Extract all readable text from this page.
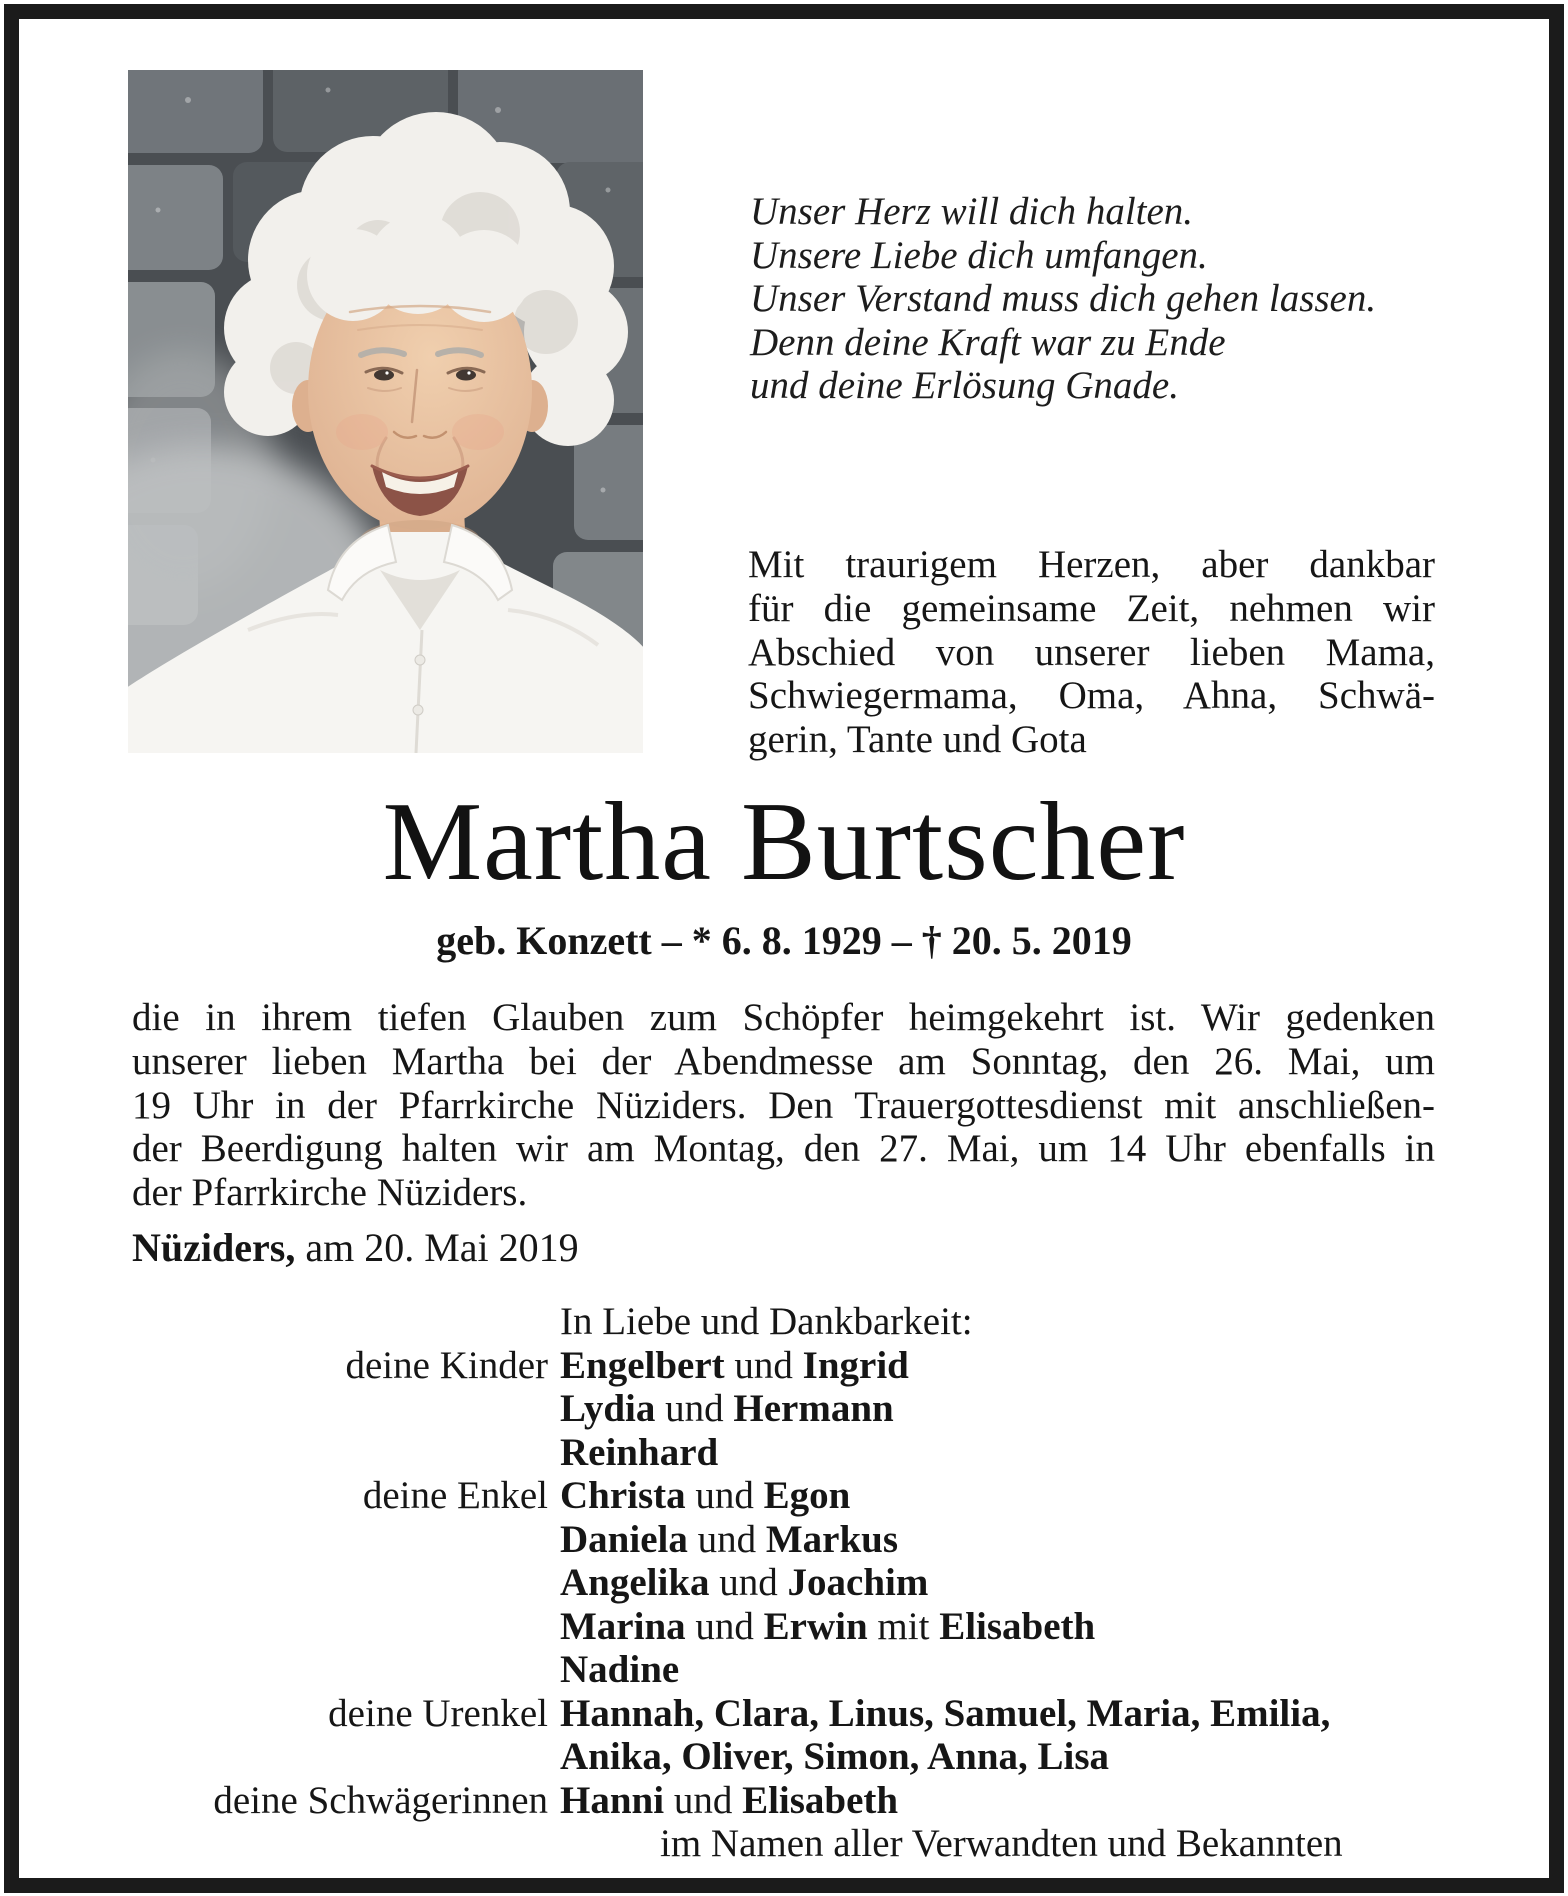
Unser Herz will dich halten.
Unsere Liebe dich umfangen.
Unser Verstand muss dich gehen lassen.
Denn deine Kraft war zu Ende
und deine Erlösung Gnade.
Mit traurigem Herzen, aber dankbar
für die gemeinsame Zeit, nehmen wir
Abschied von unserer lieben Mama,
Schwiegermama, Oma, Ahna, Schwä-
gerin, Tante und Gota
Martha Burtscher
geb. Konzett – * 6. 8. 1929 – † 20. 5. 2019
die in ihrem tiefen Glauben zum Schöpfer heimgekehrt ist. Wir gedenken
unserer lieben Martha bei der Abendmesse am Sonntag, den 26. Mai, um
19 Uhr in der Pfarrkirche Nüziders. Den Trauergottesdienst mit anschließen-
der Beerdigung halten wir am Montag, den 27. Mai, um 14 Uhr ebenfalls in
der Pfarrkirche Nüziders.
Nüziders, am 20. Mai 2019
In Liebe und Dankbarkeit:
deine Kinder Engelbert und Ingrid
Lydia und Hermann
Reinhard
deine Enkel Christa und Egon
Daniela und Markus
Angelika und Joachim
Marina und Erwin mit Elisabeth
Nadine
deine Urenkel Hannah, Clara, Linus, Samuel, Maria, Emilia,
Anika, Oliver, Simon, Anna, Lisa
deine Schwägerinnen Hanni und Elisabeth
im Namen aller Verwandten und Bekannten
